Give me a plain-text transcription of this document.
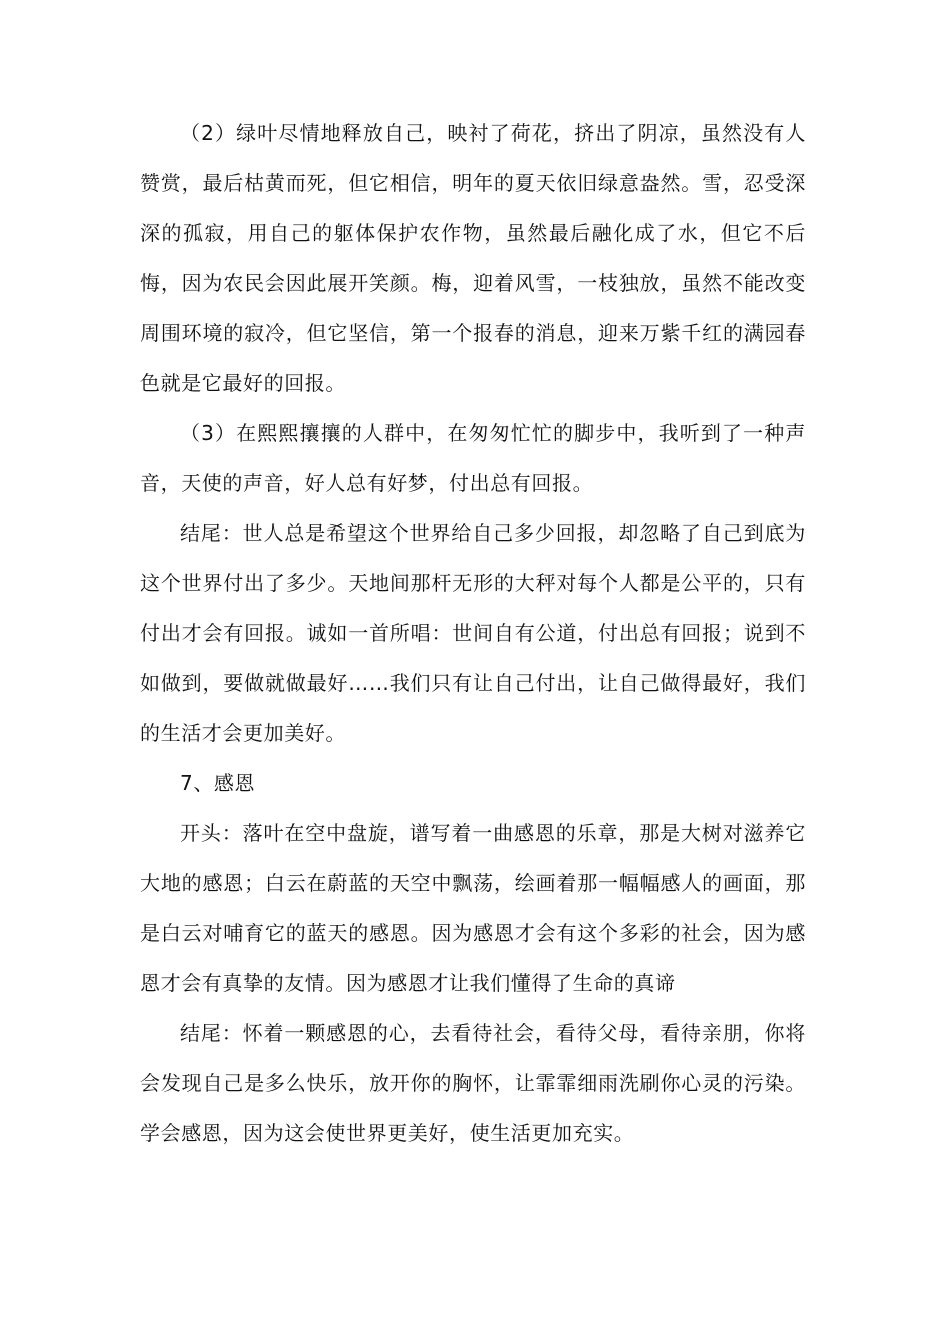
（2）绿叶尽情地释放自己，映衬了荷花，挤出了阴凉，虽然没有人赞赏，最后枯黄而死，但它相信，明年的夏天依旧绿意盎然。雪，忍受深深的孤寂，用自己的躯体保护农作物，虽然最后融化成了水，但它不后悔，因为农民会因此展开笑颜。梅，迎着风雪，一枝独放，虽然不能改变周围环境的寂冷，但它坚信，第一个报春的消息，迎来万紫千红的满园春色就是它最好的回报。

（3）在熙熙攘攘的人群中，在匆匆忙忙的脚步中，我听到了一种声音，天使的声音，好人总有好梦，付出总有回报。

结尾：世人总是希望这个世界给自己多少回报，却忽略了自己到底为这个世界付出了多少。天地间那杆无形的大秤对每个人都是公平的，只有付出才会有回报。诚如一首所唱：世间自有公道，付出总有回报；说到不如做到，要做就做最好……我们只有让自己付出，让自己做得最好，我们的生活才会更加美好。

7、感恩

开头：落叶在空中盘旋，谱写着一曲感恩的乐章，那是大树对滋养它大地的感恩；白云在蔚蓝的天空中飘荡，绘画着那一幅幅感人的画面，那是白云对哺育它的蓝天的感恩。因为感恩才会有这个多彩的社会，因为感恩才会有真挚的友情。因为感恩才让我们懂得了生命的真谛

结尾：怀着一颗感恩的心，去看待社会，看待父母，看待亲朋，你将会发现自己是多么快乐，放开你的胸怀，让霏霏细雨洗刷你心灵的污染。学会感恩，因为这会使世界更美好，使生活更加充实。
